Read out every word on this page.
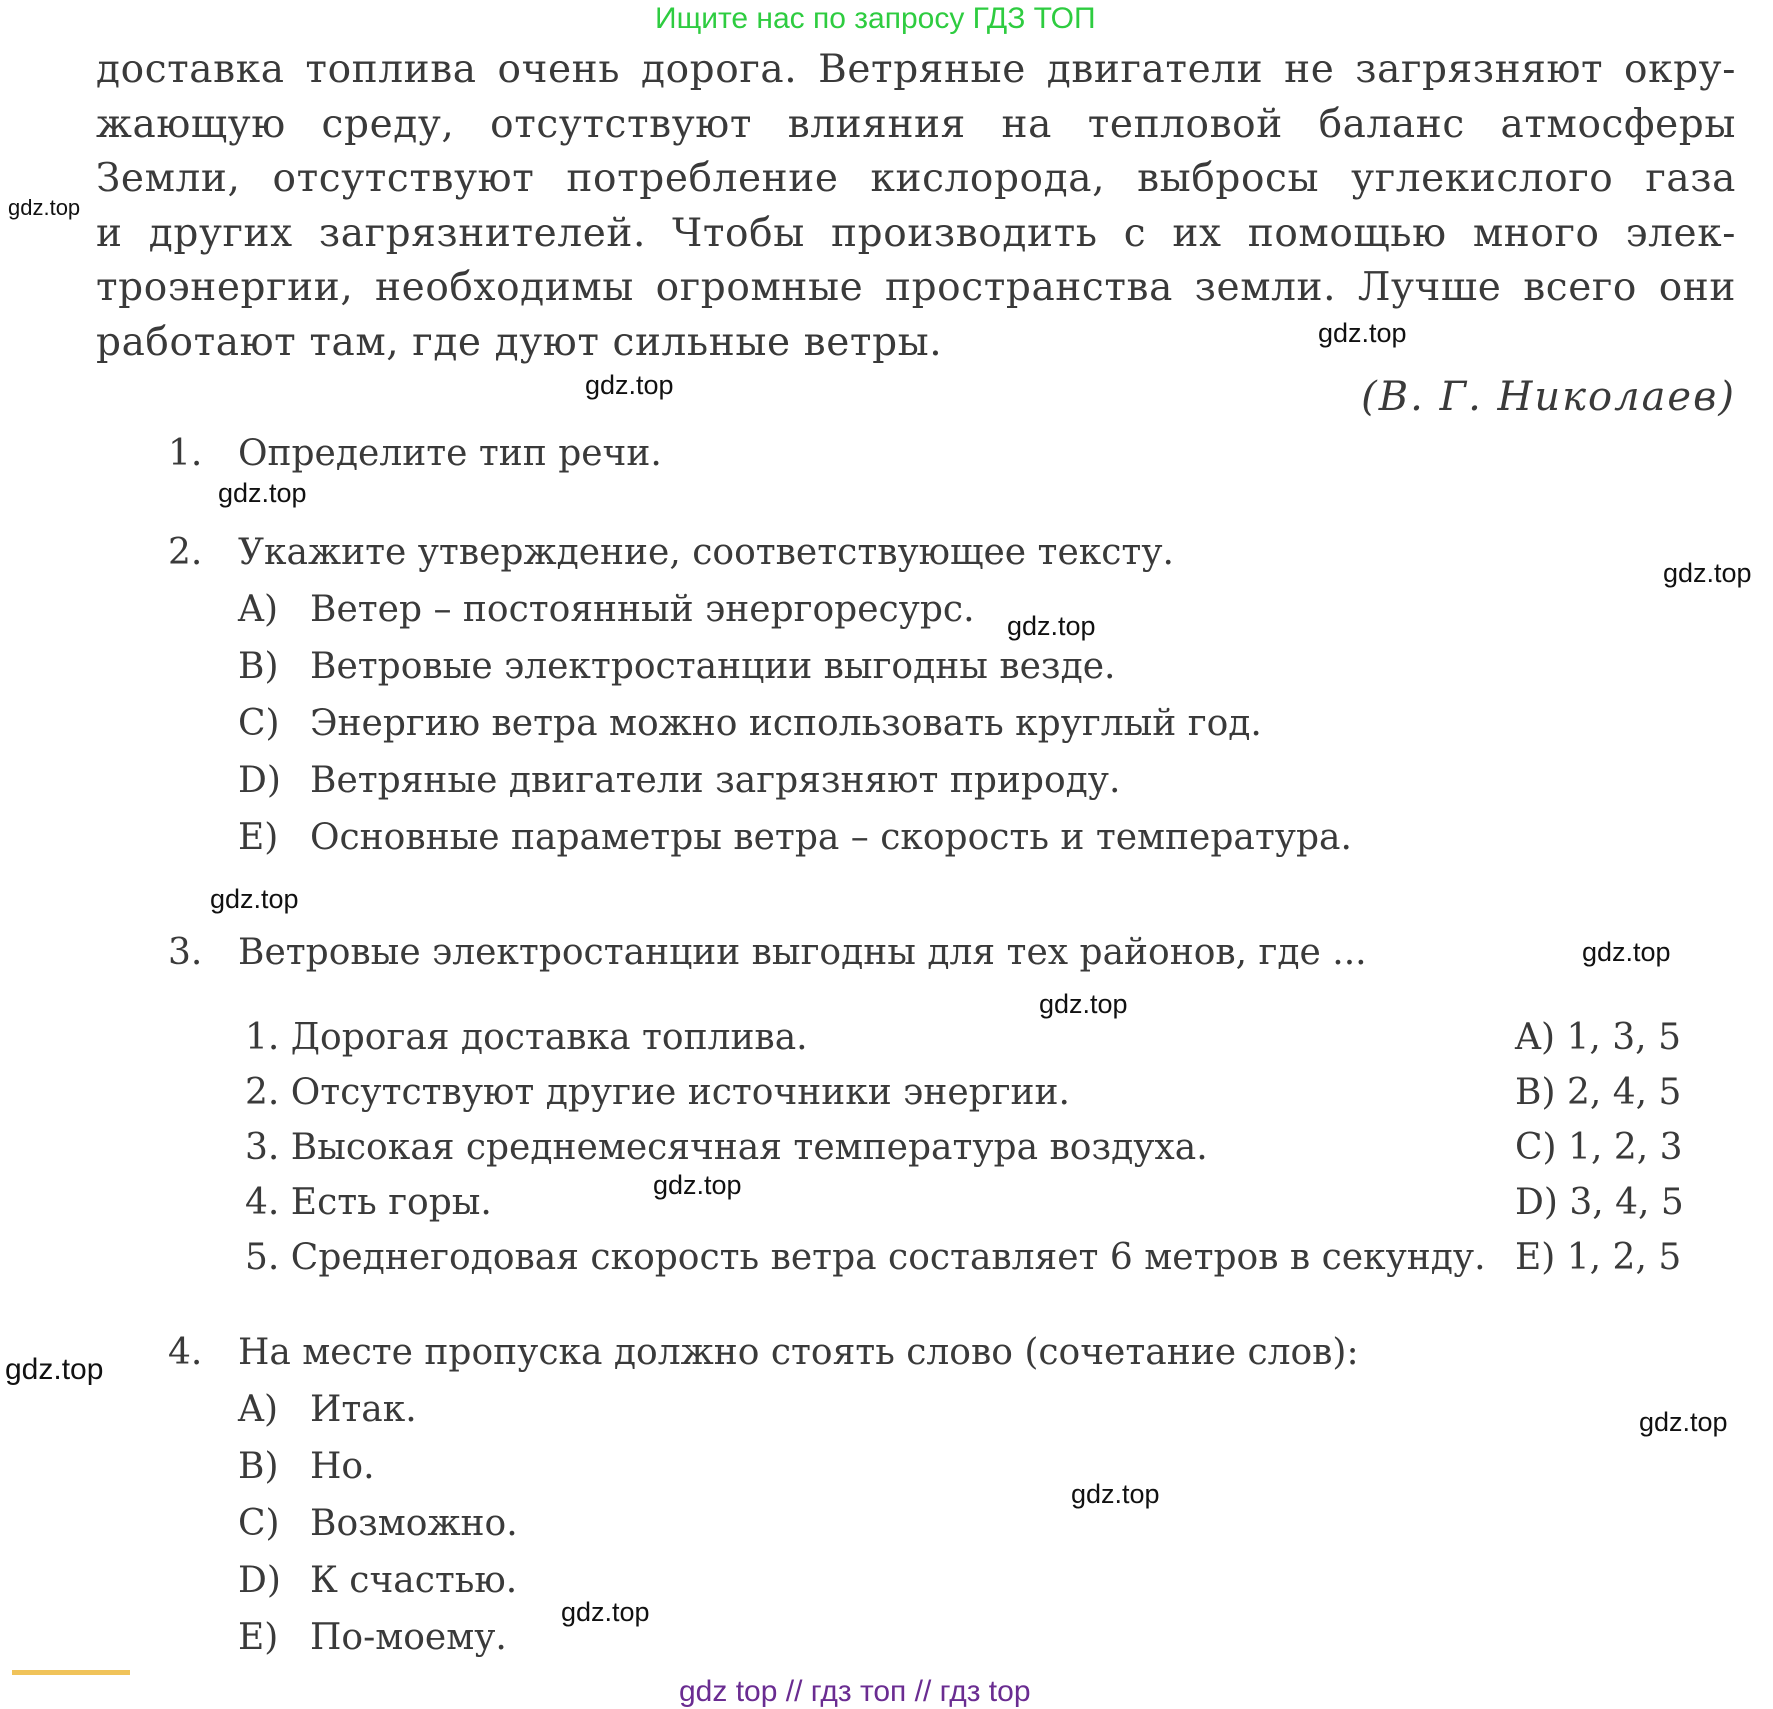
Ищите нас по запросу ГДЗ ТОП
доставка топлива очень дорога. Ветряные двигатели не загрязняют окру-
жающую среду, отсутствуют влияния на тепловой баланс атмосферы
Земли, отсутствуют потребление кислорода, выбросы углекислого газа
и других загрязнителей. Чтобы производить с их помощью много элек-
троэнергии, необходимы огромные пространства земли. Лучше всего они
работают там, где дуют сильные ветры.
(В. Г. Николаев)
1. Определите тип речи.
2. Укажите утверждение, соответствующее тексту.
A) Ветер – постоянный энергоресурс.
B) Ветровые электростанции выгодны везде.
C) Энергию ветра можно использовать круглый год.
D) Ветряные двигатели загрязняют природу.
E) Основные параметры ветра – скорость и температура.
3. Ветровые электростанции выгодны для тех районов, где ...
1. Дорогая доставка топлива.
2. Отсутствуют другие источники энергии.
3. Высокая среднемесячная температура воздуха.
4. Есть горы.
5. Среднегодовая скорость ветра составляет 6 метров в секунду.
A) 1, 3, 5
B) 2, 4, 5
C) 1, 2, 3
D) 3, 4, 5
E) 1, 2, 5
4. На месте пропуска должно стоять слово (сочетание слов):
A) Итак.
B) Но.
C) Возможно.
D) К счастью.
E) По-моему.
gdz.top
gdz.top
gdz.top
gdz.top
gdz.top
gdz.top
gdz.top
gdz.top
gdz.top
gdz.top
gdz.top
gdz.top
gdz.top
gdz.top
gdz top // гдз топ // гдз top
